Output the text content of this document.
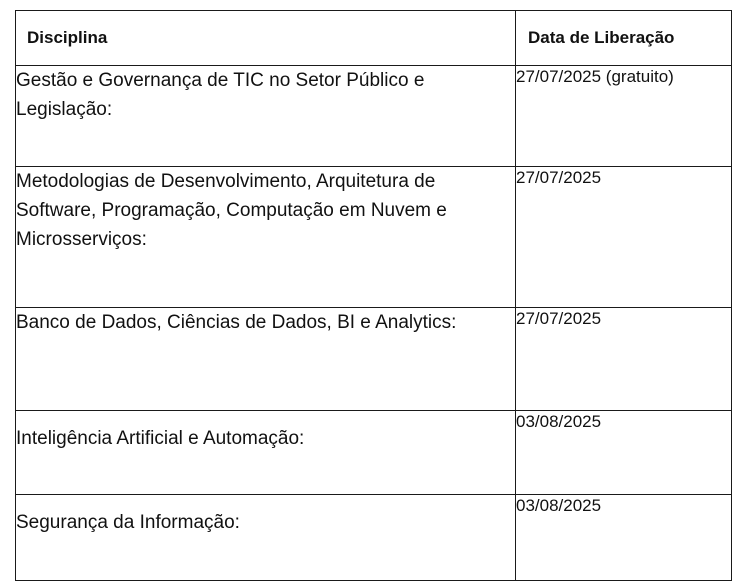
Disciplina	Data de Liberação
Gestão e Governança de TIC no Setor Público e Legislação:	27/07/2025 (gratuito)
Metodologias de Desenvolvimento, Arquitetura de Software, Programação, Computação em Nuvem e Microsserviços:	27/07/2025
Banco de Dados, Ciências de Dados, BI e Analytics:	27/07/2025
Inteligência Artificial e Automação:	03/08/2025
Segurança da Informação:	03/08/2025
